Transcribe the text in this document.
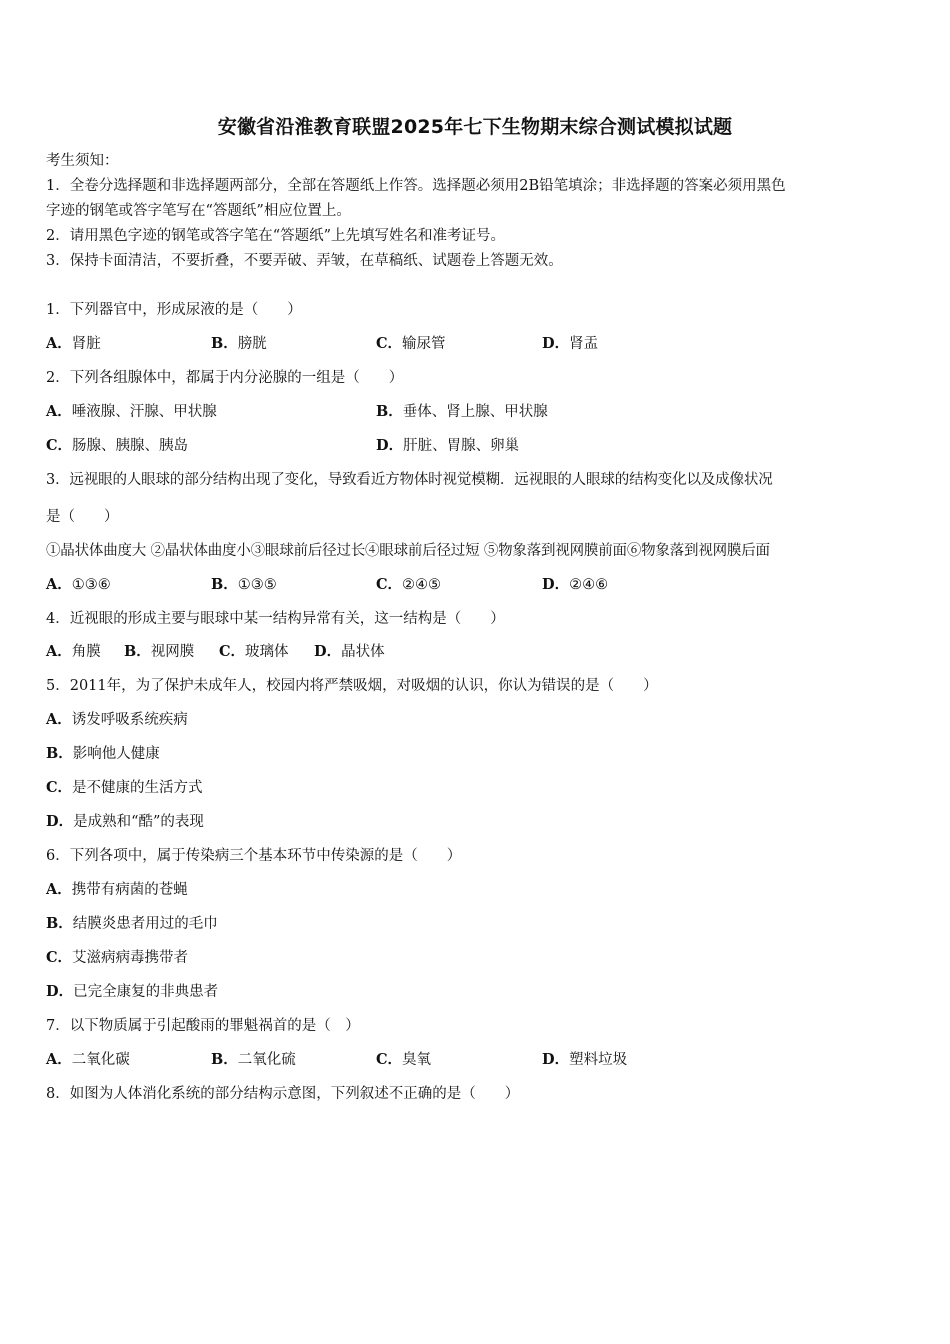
安徽省沿淮教育联盟2025年七下生物期末综合测试模拟试题
考生须知：
1．全卷分选择题和非选择题两部分，全部在答题纸上作答。选择题必须用2B铅笔填涂；非选择题的答案必须用黑色
字迹的钢笔或答字笔写在“答题纸”相应位置上。
2．请用黑色字迹的钢笔或答字笔在“答题纸”上先填写姓名和准考证号。
3．保持卡面清洁，不要折叠，不要弄破、弄皱，在草稿纸、试题卷上答题无效。
1．下列器官中，形成尿液的是（　　）
A．肾脏	B．膀胱	C．输尿管	D．肾盂
2．下列各组腺体中，都属于内分泌腺的一组是（　　）
A．唾液腺、汗腺、甲状腺	B．垂体、肾上腺、甲状腺
C．肠腺、胰腺、胰岛	D．肝脏、胃腺、卵巢
3．远视眼的人眼球的部分结构出现了变化，导致看近方物体时视觉模糊．远视眼的人眼球的结构变化以及成像状况
是（　　）
①晶状体曲度大 ②晶状体曲度小③眼球前后径过长④眼球前后径过短 ⑤物象落到视网膜前面⑥物象落到视网膜后面
A．①③⑥	B．①③⑤	C．②④⑤	D．②④⑥
4．近视眼的形成主要与眼球中某一结构异常有关，这一结构是（　　）
A．角膜 B．视网膜 C．玻璃体 D．晶状体
5．2011年，为了保护未成年人，校园内将严禁吸烟，对吸烟的认识，你认为错误的是（　　）
A．诱发呼吸系统疾病
B．影响他人健康
C．是不健康的生活方式
D．是成熟和“酷”的表现
6．下列各项中，属于传染病三个基本环节中传染源的是（　　）
A．携带有病菌的苍蝇
B．结膜炎患者用过的毛巾
C．艾滋病病毒携带者
D．已完全康复的非典患者
7．以下物质属于引起酸雨的罪魁祸首的是（　）
A．二氧化碳	B．二氧化硫	C．臭氧	D．塑料垃圾
8．如图为人体消化系统的部分结构示意图，下列叙述不正确的是（　　）
